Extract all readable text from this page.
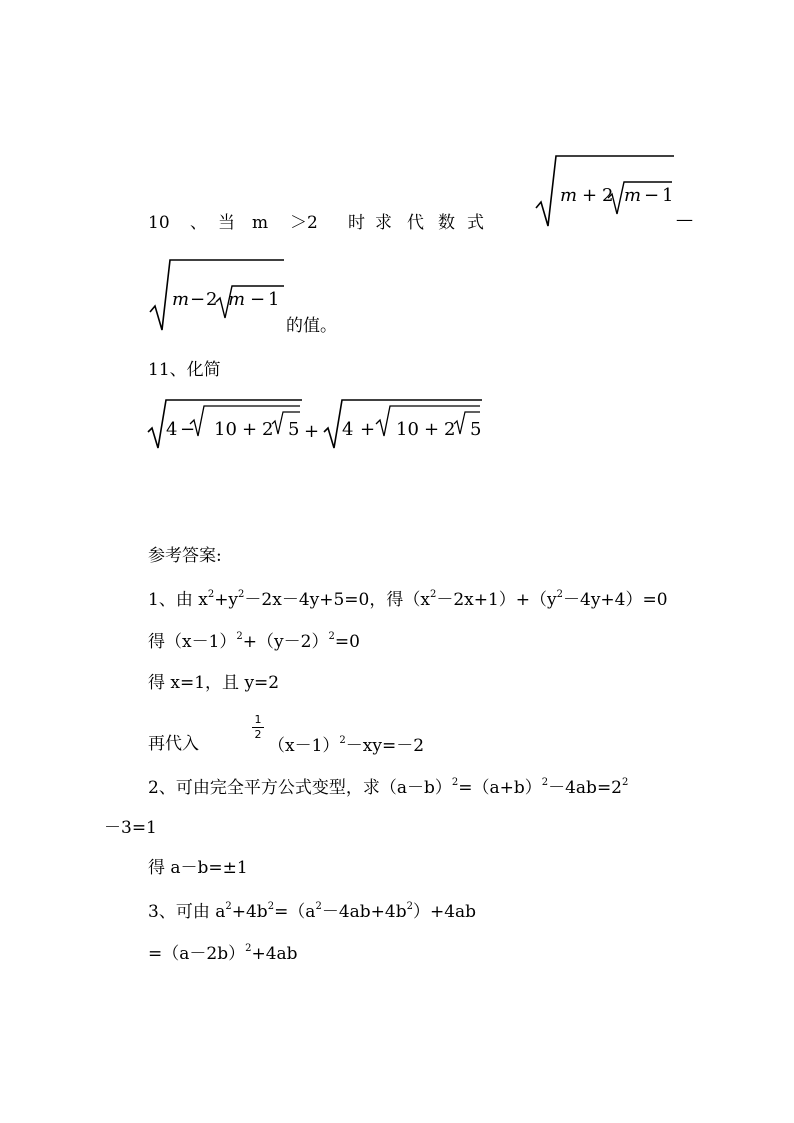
10 、 当 m ＞2 时 求 代 数 式
m + 2 m − 1
—
m − 2 m − 1
的值。
11、化简
4 − 10 + 2 5 + 4 + 10 + 2 5
参考答案:
1、由 $x^2+y^2-2x-4y+5=0$，得$(x^2-2x+1)+(y^2-4y+4)=0$
得$(x-1)^2+(y-2)^2=0$
得 x=1，且 y=2
再代入
1
2
$(x-1)^2-xy=-2$
2、可由完全平方公式变型，求$(a-b)^2=(a+b)^2-4ab=2^2$
－3=1
得 a－b=±1
3、可由 $a^2+4b^2=(a^2-4ab+4b^2)+4ab$
$=(a-2b)^2+4ab$
